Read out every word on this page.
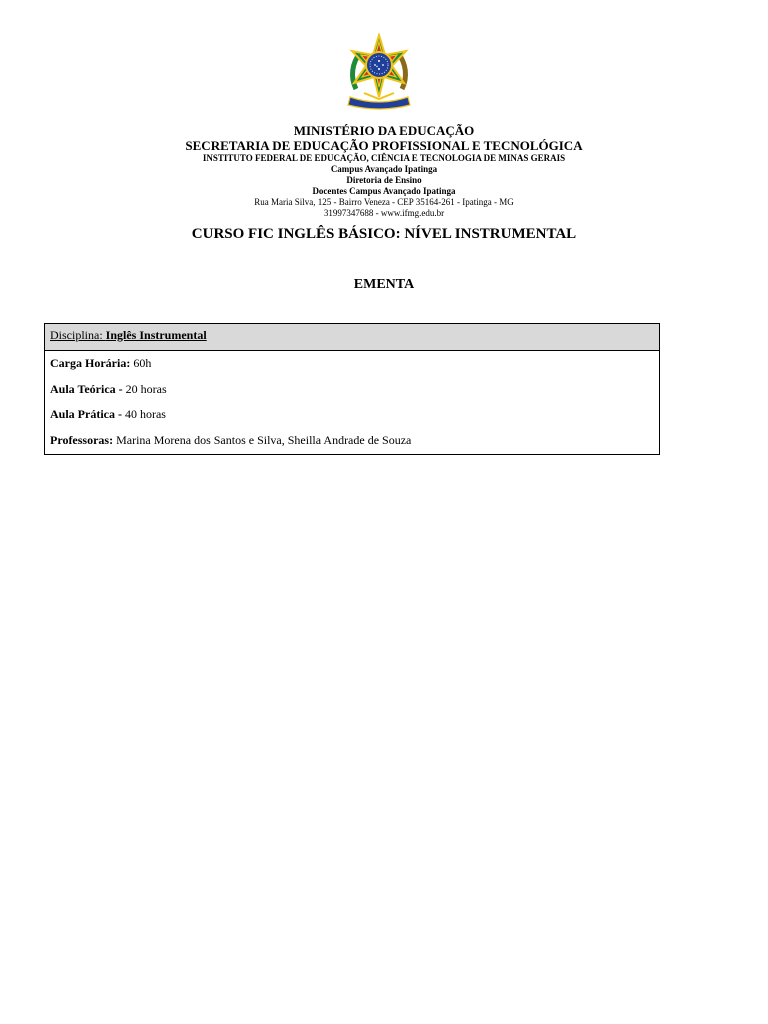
MINISTÉRIO DA EDUCAÇÃO
SECRETARIA DE EDUCAÇÃO PROFISSIONAL E TECNOLÓGICA
INSTITUTO FEDERAL DE EDUCAÇÃO, CIÊNCIA E TECNOLOGIA DE MINAS GERAIS
Campus Avançado Ipatinga
Diretoria de Ensino
Docentes Campus Avançado Ipatinga
Rua Maria Silva, 125 - Bairro Veneza - CEP 35164-261 - Ipatinga - MG
31997347688 - www.ifmg.edu.br
CURSO FIC INGLÊS BÁSICO: NÍVEL INSTRUMENTAL
EMENTA
Disciplina: Inglês Instrumental
Carga Horária: 60h
Aula Teórica - 20 horas
Aula Prática - 40 horas
Professoras: Marina Morena dos Santos e Silva, Sheilla Andrade de Souza
